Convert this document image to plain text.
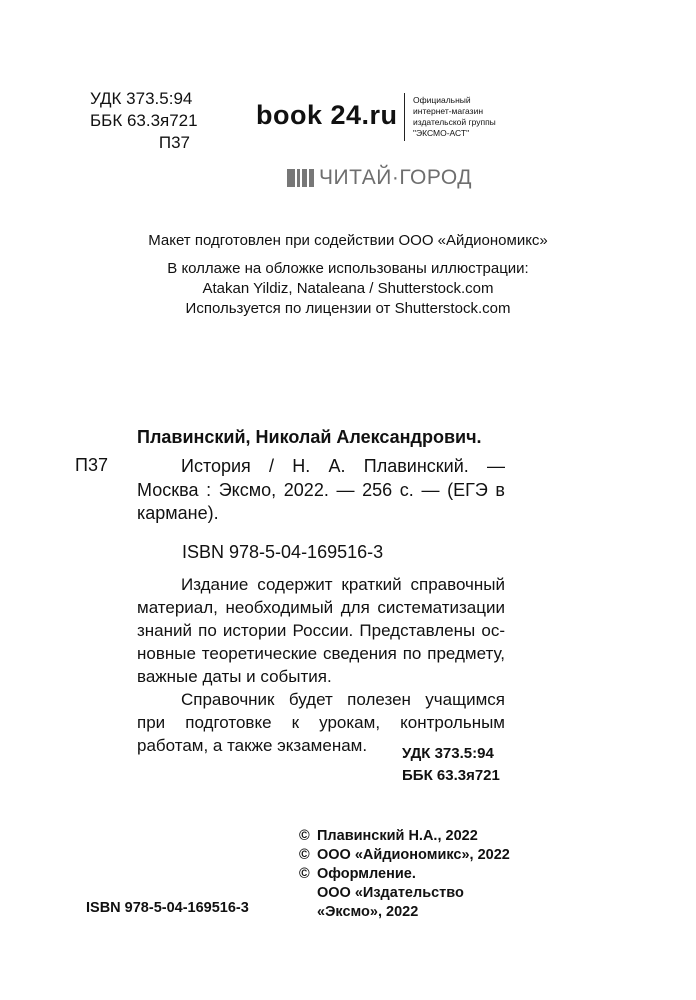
УДК 373.5:94
ББК 63.3я721
П37
book 24.ru Официальный
интернет-магазин
издательской группы
"ЭКСМО-АСТ"
ЧИТАЙ·ГОРОД
Макет подготовлен при содействии ООО «Айдиономикс»
В коллаже на обложке использованы иллюстрации:
Atakan Yildiz, Nataleana / Shutterstock.com
Используется по лицензии от Shutterstock.com
Плавинский, Николай Александрович.
П37	История / Н. А. Плавинский. — Москва : Эксмо, 2022. — 256 с. — (ЕГЭ в кармане).
ISBN 978-5-04-169516-3

Издание содержит краткий справочный материал, необходимый для систематизации знаний по истории России. Представлены основные теоретические сведения по предмету, важные даты и события.

Справочник будет полезен учащимся при подготовке к урокам, контрольным работам, а также экзаменам.	УДК 373.5:94
ББК 63.3я721
© Плавинский Н.А., 2022
© ООО «Айдиономикс», 2022
© Оформление.
ООО «Издательство
«Эксмо», 2022
ISBN 978-5-04-169516-3
